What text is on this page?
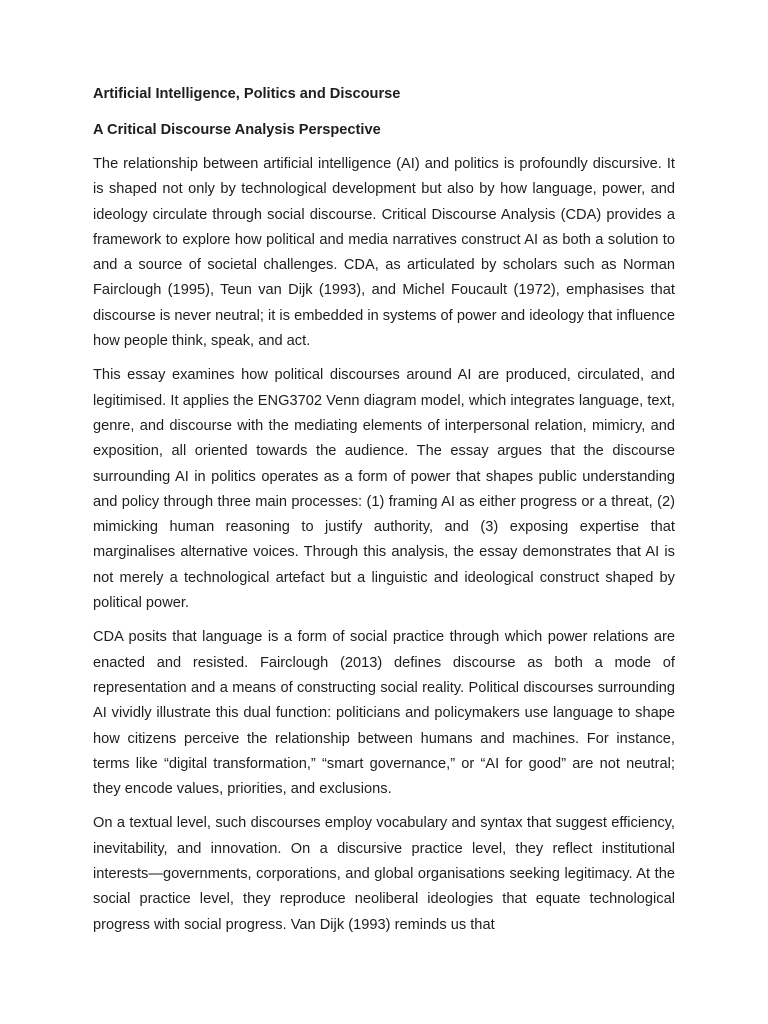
Artificial Intelligence, Politics and Discourse

A Critical Discourse Analysis Perspective

The relationship between artificial intelligence (AI) and politics is profoundly discursive. It is shaped not only by technological development but also by how language, power, and ideology circulate through social discourse. Critical Discourse Analysis (CDA) provides a framework to explore how political and media narratives construct AI as both a solution to and a source of societal challenges. CDA, as articulated by scholars such as Norman Fairclough (1995), Teun van Dijk (1993), and Michel Foucault (1972), emphasises that discourse is never neutral; it is embedded in systems of power and ideology that influence how people think, speak, and act.

This essay examines how political discourses around AI are produced, circulated, and legitimised. It applies the ENG3702 Venn diagram model, which integrates language, text, genre, and discourse with the mediating elements of interpersonal relation, mimicry, and exposition, all oriented towards the audience. The essay argues that the discourse surrounding AI in politics operates as a form of power that shapes public understanding and policy through three main processes: (1) framing AI as either progress or a threat, (2) mimicking human reasoning to justify authority, and (3) exposing expertise that marginalises alternative voices. Through this analysis, the essay demonstrates that AI is not merely a technological artefact but a linguistic and ideological construct shaped by political power.

CDA posits that language is a form of social practice through which power relations are enacted and resisted. Fairclough (2013) defines discourse as both a mode of representation and a means of constructing social reality. Political discourses surrounding AI vividly illustrate this dual function: politicians and policymakers use language to shape how citizens perceive the relationship between humans and machines. For instance, terms like “digital transformation,” “smart governance,” or “AI for good” are not neutral; they encode values, priorities, and exclusions.

On a textual level, such discourses employ vocabulary and syntax that suggest efficiency, inevitability, and innovation. On a discursive practice level, they reflect institutional interests—governments, corporations, and global organisations seeking legitimacy. At the social practice level, they reproduce neoliberal ideologies that equate technological progress with social progress. Van Dijk (1993) reminds us that
